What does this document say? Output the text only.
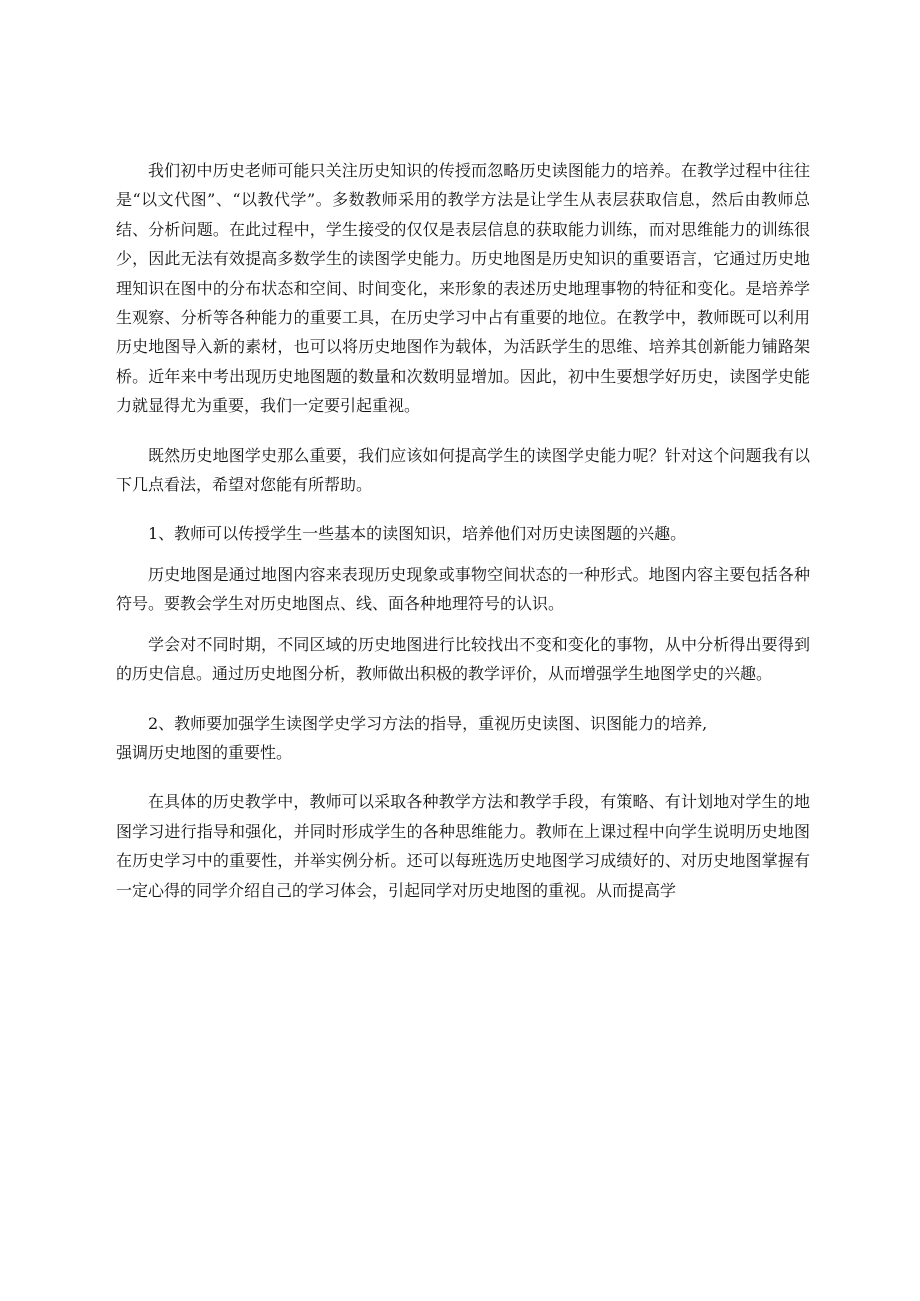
我们初中历史老师可能只关注历史知识的传授而忽略历史读图能力的培养。在教学过程中往往是“以文代图”、“以教代学”。多数教师采用的教学方法是让学生从表层获取信息，然后由教师总结、分析问题。在此过程中，学生接受的仅仅是表层信息的获取能力训练，而对思维能力的训练很少，因此无法有效提高多数学生的读图学史能力。历史地图是历史知识的重要语言，它通过历史地理知识在图中的分布状态和空间、时间变化，来形象的表述历史地理事物的特征和变化。是培养学生观察、分析等各种能力的重要工具，在历史学习中占有重要的地位。在教学中，教师既可以利用历史地图导入新的素材，也可以将历史地图作为载体，为活跃学生的思维、培养其创新能力铺路架桥。近年来中考出现历史地图题的数量和次数明显增加。因此，初中生要想学好历史，读图学史能力就显得尤为重要，我们一定要引起重视。

既然历史地图学史那么重要，我们应该如何提高学生的读图学史能力呢？针对这个问题我有以下几点看法，希望对您能有所帮助。

1、教师可以传授学生一些基本的读图知识，培养他们对历史读图题的兴趣。

历史地图是通过地图内容来表现历史现象或事物空间状态的一种形式。地图内容主要包括各种符号。要教会学生对历史地图点、线、面各种地理符号的认识。

学会对不同时期，不同区域的历史地图进行比较找出不变和变化的事物，从中分析得出要得到的历史信息。通过历史地图分析，教师做出积极的教学评价，从而增强学生地图学史的兴趣。

2、教师要加强学生读图学史学习方法的指导，重视历史读图、识图能力的培养,

强调历史地图的重要性。

在具体的历史教学中，教师可以采取各种教学方法和教学手段，有策略、有计划地对学生的地图学习进行指导和强化，并同时形成学生的各种思维能力。教师在上课过程中向学生说明历史地图在历史学习中的重要性，并举实例分析。还可以每班选历史地图学习成绩好的、对历史地图掌握有一定心得的同学介绍自己的学习体会，引起同学对历史地图的重视。从而提高学
